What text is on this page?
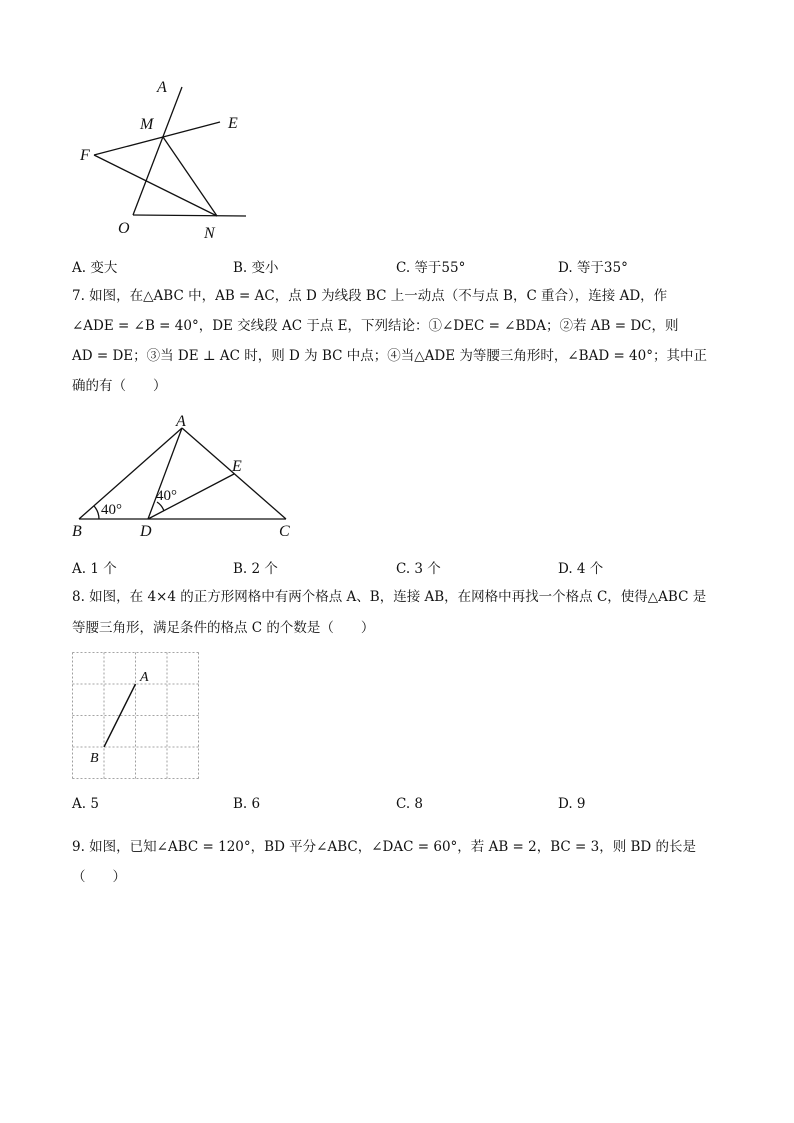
A
M	E
F
O	N
A. 变大	B. 变小	C. 等于55°	D. 等于35°
7. 如图，在△ABC 中，AB = AC，点 D 为线段 BC 上一动点（不与点 B，C 重合），连接 AD，作
∠ADE = ∠B = 40°，DE 交线段 AC 于点 E，下列结论：①∠DEC = ∠BDA；②若 AB = DC，则
AD = DE；③当 DE ⊥ AC 时，则 D 为 BC 中点；④当△ADE 为等腰三角形时，∠BAD = 40°；其中正
确的有（　　）
A
E
B	D	C
40°
40°
A. 1 个	B. 2 个	C. 3 个	D. 4 个
8. 如图，在 4×4 的正方形网格中有两个格点 A、B，连接 AB，在网格中再找一个格点 C，使得△ABC 是
等腰三角形，满足条件的格点 C 的个数是（　　）
A
B
A. 5	B. 6	C. 8	D. 9
9. 如图，已知∠ABC = 120°，BD 平分∠ABC，∠DAC = 60°，若 AB = 2，BC = 3，则 BD 的长是
（　　）
